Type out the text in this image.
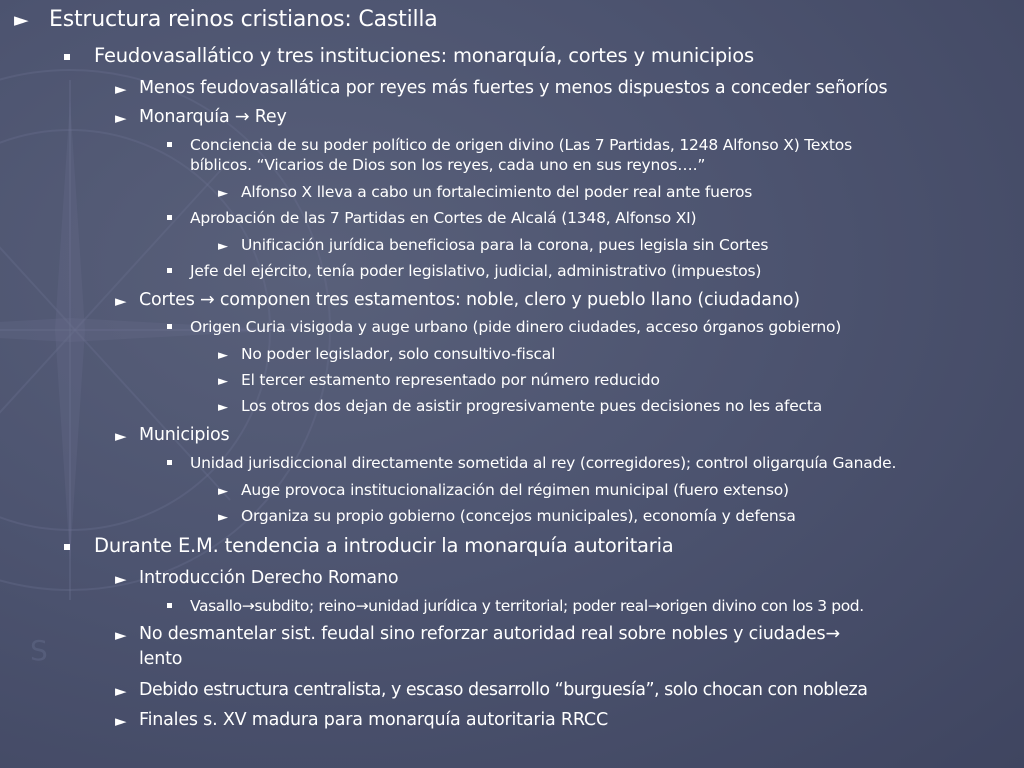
S
► Estructura reinos cristianos: Castilla
Feudovasallático y tres instituciones: monarquía, cortes y municipios
► Menos feudovasallática por reyes más fuertes y menos dispuestos a conceder señoríos
► Monarquía → Rey
Conciencia de su poder político de origen divino (Las 7 Partidas, 1248 Alfonso X) Textos
bíblicos. “Vicarios de Dios son los reyes, cada uno en sus reynos….”
► Alfonso X lleva a cabo un fortalecimiento del poder real ante fueros
Aprobación de las 7 Partidas en Cortes de Alcalá (1348, Alfonso XI)
► Unificación jurídica beneficiosa para la corona, pues legisla sin Cortes
Jefe del ejército, tenía poder legislativo, judicial, administrativo (impuestos)
► Cortes → componen tres estamentos: noble, clero y pueblo llano (ciudadano)
Origen Curia visigoda y auge urbano (pide dinero ciudades, acceso órganos gobierno)
► No poder legislador, solo consultivo-fiscal
► El tercer estamento representado por número reducido
► Los otros dos dejan de asistir progresivamente pues decisiones no les afecta
► Municipios
Unidad jurisdiccional directamente sometida al rey (corregidores); control oligarquía Ganade.
► Auge provoca institucionalización del régimen municipal (fuero extenso)
► Organiza su propio gobierno (concejos municipales), economía y defensa
Durante E.M. tendencia a introducir la monarquía autoritaria
► Introducción Derecho Romano
Vasallo→subdito; reino→unidad jurídica y territorial; poder real→origen divino con los 3 pod.
► No desmantelar sist. feudal sino reforzar autoridad real sobre nobles y ciudades→
lento
► Debido estructura centralista, y escaso desarrollo “burguesía”, solo chocan con nobleza
► Finales s. XV madura para monarquía autoritaria RRCC
